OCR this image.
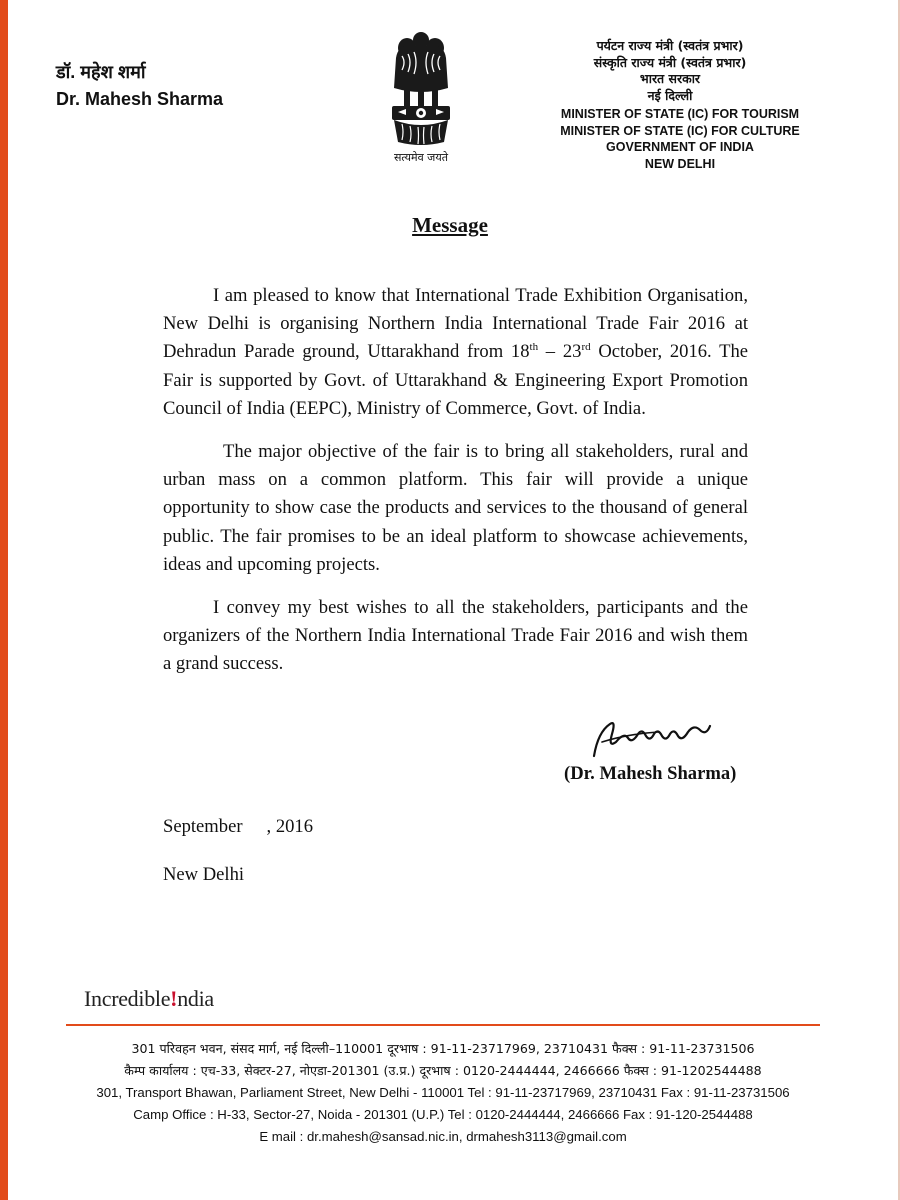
डॉ. महेश शर्मा
Dr. Mahesh Sharma
सत्यमेव जयते
पर्यटन राज्य मंत्री (स्वतंत्र प्रभार)
संस्कृति राज्य मंत्री (स्वतंत्र प्रभार)
भारत सरकार
नई दिल्ली
MINISTER OF STATE (IC) FOR TOURISM
MINISTER OF STATE (IC) FOR CULTURE
GOVERNMENT OF INDIA
NEW DELHI
Message

I am pleased to know that International Trade Exhibition Organisation, New Delhi is organising Northern India International Trade Fair 2016 at Dehradun Parade ground, Uttarakhand from 18th – 23rd October, 2016. The Fair is supported by Govt. of Uttarakhand & Engineering Export Promotion Council of India (EEPC), Ministry of Commerce, Govt. of India.

The major objective of the fair is to bring all stakeholders, rural and urban mass on a common platform. This fair will provide a unique opportunity to show case the products and services to the thousand of general public. The fair promises to be an ideal platform to showcase achievements, ideas and upcoming projects.

I convey my best wishes to all the stakeholders, participants and the organizers of the Northern India International Trade Fair 2016 and wish them a grand success.

(Dr. Mahesh Sharma)
September , 2016
New Delhi
Incredible!ndia
301 परिवहन भवन, संसद मार्ग, नई दिल्ली–110001 दूरभाष : 91-11-23717969, 23710431 फैक्स : 91-11-23731506
कैम्प कार्यालय : एच-33, सेक्टर-27, नोएडा-201301 (उ.प्र.) दूरभाष : 0120-2444444, 2466666 फैक्स : 91-1202544488
301, Transport Bhawan, Parliament Street, New Delhi - 110001 Tel : 91-11-23717969, 23710431 Fax : 91-11-23731506
Camp Office : H-33, Sector-27, Noida - 201301 (U.P.) Tel : 0120-2444444, 2466666 Fax : 91-120-2544488
E mail : dr.mahesh@sansad.nic.in, drmahesh3113@gmail.com
